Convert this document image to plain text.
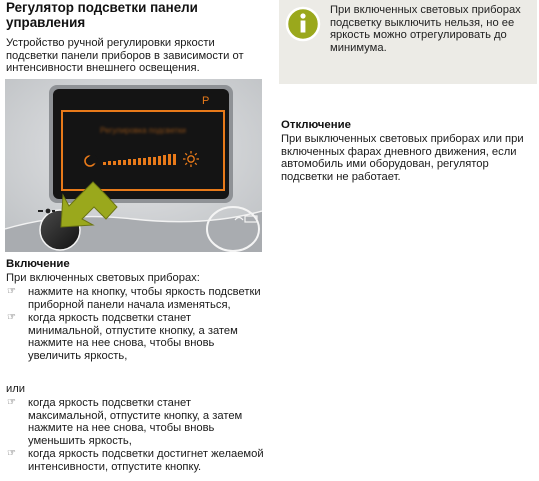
Регулятор подсветки панели управления
Устройство ручной регулировки яркости подсветки панели приборов в зависимости от интенсивности внешнего освещения.
P
Регулировка подсветки
Включение
При включенных световых приборах:
☞ нажмите на кнопку, чтобы яркость подсветки приборной панели начала изменяться,
☞ когда яркость подсветки станет минимальной, отпустите кнопку, а затем нажмите на нее снова, чтобы вновь увеличить яркость,
или
☞ когда яркость подсветки станет максимальной, отпустите кнопку, а затем нажмите на нее снова, чтобы вновь уменьшить яркость,
☞ когда яркость подсветки достигнет желаемой интенсивности, отпустите кнопку.
При включенных световых приборах подсветку выключить нельзя, но ее яркость можно отрегулировать до минимума.
Отключение
При выключенных световых приборах или при включенных фарах дневного движения, если автомобиль ими оборудован, регулятор подсветки не работает.
